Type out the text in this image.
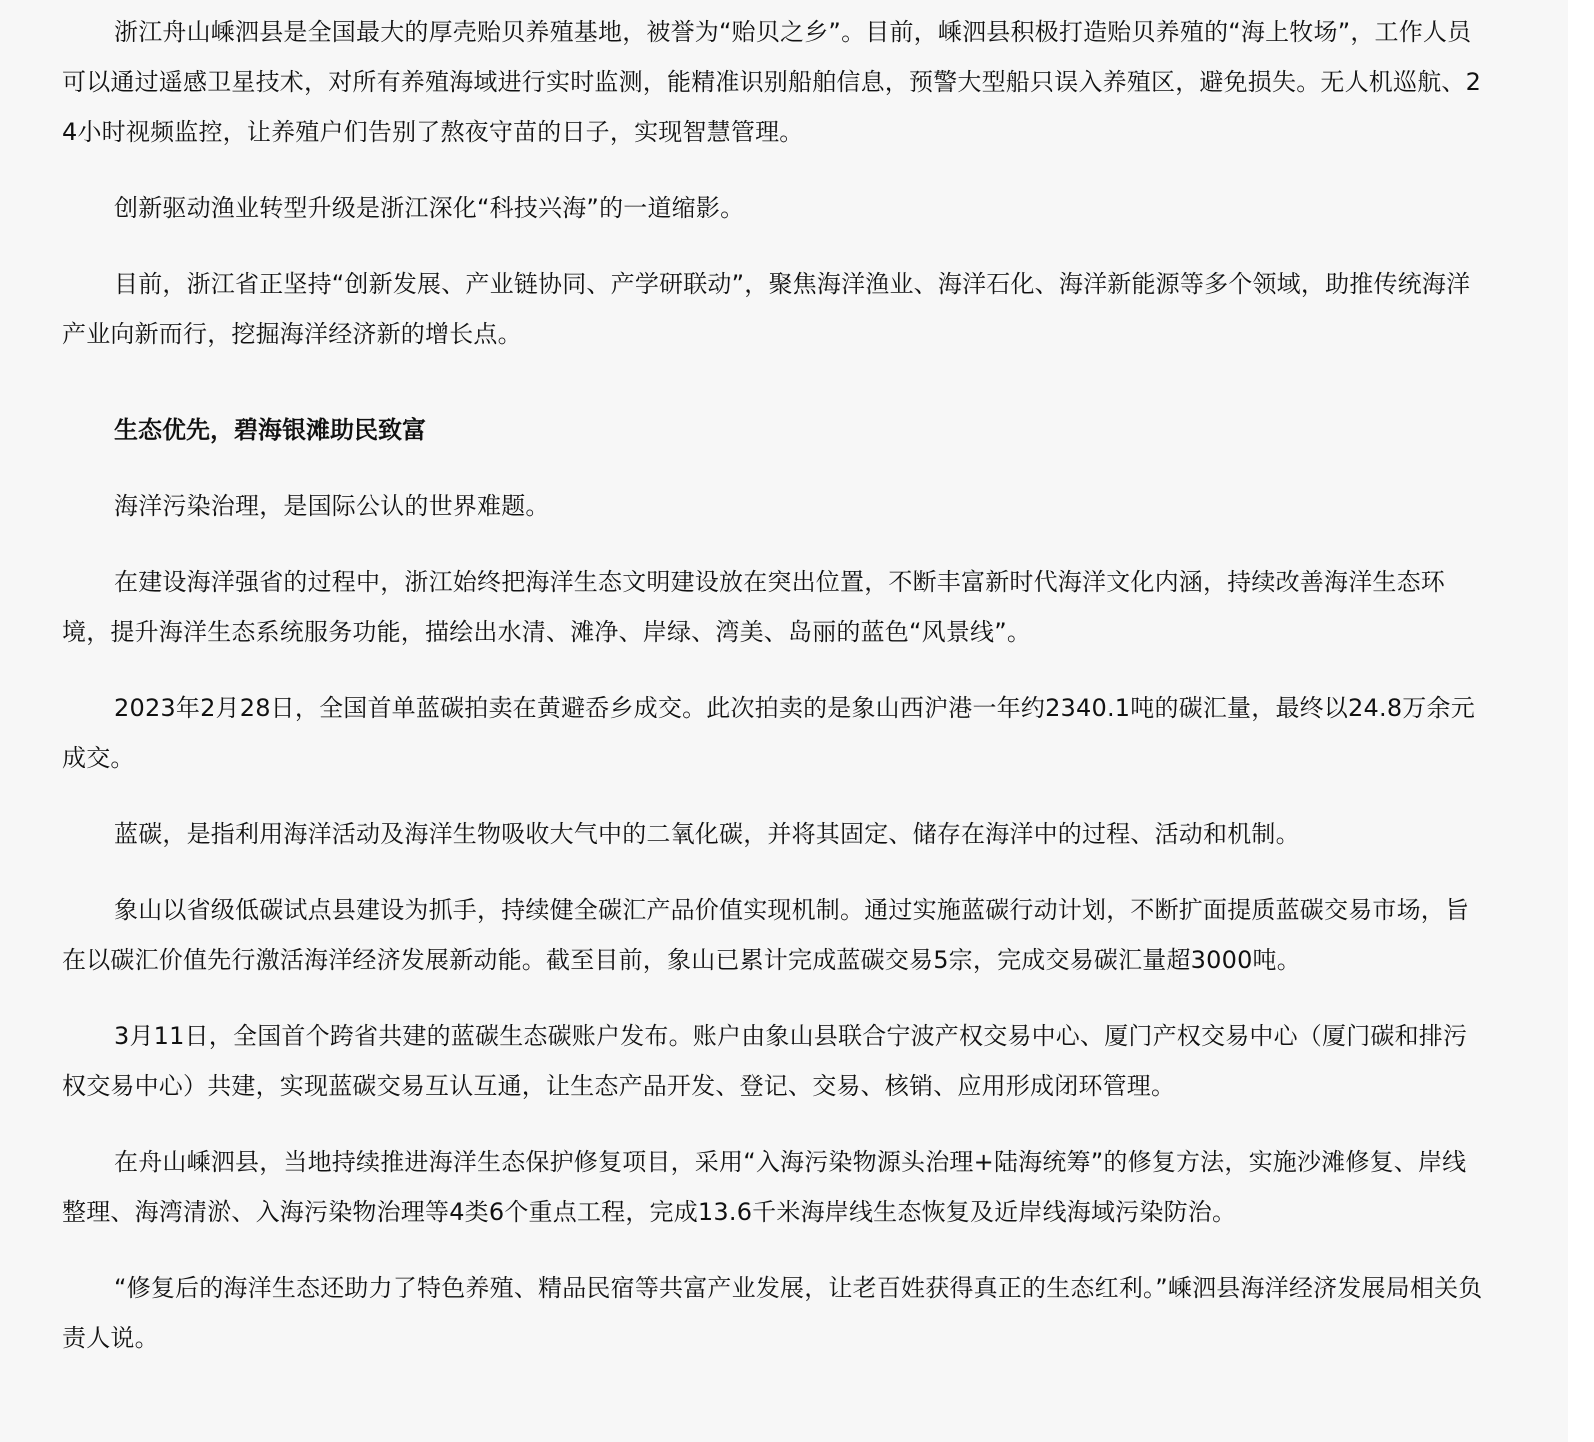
浙江舟山嵊泗县是全国最大的厚壳贻贝养殖基地，被誉为“贻贝之乡”。目前，嵊泗县积极打造贻贝养殖的“海上牧场”，工作人员可以通过遥感卫星技术，对所有养殖海域进行实时监测，能精准识别船舶信息，预警大型船只误入养殖区，避免损失。无人机巡航、24小时视频监控，让养殖户们告别了熬夜守苗的日子，实现智慧管理。

创新驱动渔业转型升级是浙江深化“科技兴海”的一道缩影。

目前，浙江省正坚持“创新发展、产业链协同、产学研联动”，聚焦海洋渔业、海洋石化、海洋新能源等多个领域，助推传统海洋产业向新而行，挖掘海洋经济新的增长点。

生态优先，碧海银滩助民致富

海洋污染治理，是国际公认的世界难题。

在建设海洋强省的过程中，浙江始终把海洋生态文明建设放在突出位置，不断丰富新时代海洋文化内涵，持续改善海洋生态环境，提升海洋生态系统服务功能，描绘出水清、滩净、岸绿、湾美、岛丽的蓝色“风景线”。

2023年2月28日，全国首单蓝碳拍卖在黄避岙乡成交。此次拍卖的是象山西沪港一年约2340.1吨的碳汇量，最终以24.8万余元成交。

蓝碳，是指利用海洋活动及海洋生物吸收大气中的二氧化碳，并将其固定、储存在海洋中的过程、活动和机制。

象山以省级低碳试点县建设为抓手，持续健全碳汇产品价值实现机制。通过实施蓝碳行动计划，不断扩面提质蓝碳交易市场，旨在以碳汇价值先行激活海洋经济发展新动能。截至目前，象山已累计完成蓝碳交易5宗，完成交易碳汇量超3000吨。

3月11日，全国首个跨省共建的蓝碳生态碳账户发布。账户由象山县联合宁波产权交易中心、厦门产权交易中心（厦门碳和排污权交易中心）共建，实现蓝碳交易互认互通，让生态产品开发、登记、交易、核销、应用形成闭环管理。

在舟山嵊泗县，当地持续推进海洋生态保护修复项目，采用“入海污染物源头治理+陆海统筹”的修复方法，实施沙滩修复、岸线整理、海湾清淤、入海污染物治理等4类6个重点工程，完成13.6千米海岸线生态恢复及近岸线海域污染防治。

“修复后的海洋生态还助力了特色养殖、精品民宿等共富产业发展，让老百姓获得真正的生态红利。”嵊泗县海洋经济发展局相关负责人说。
